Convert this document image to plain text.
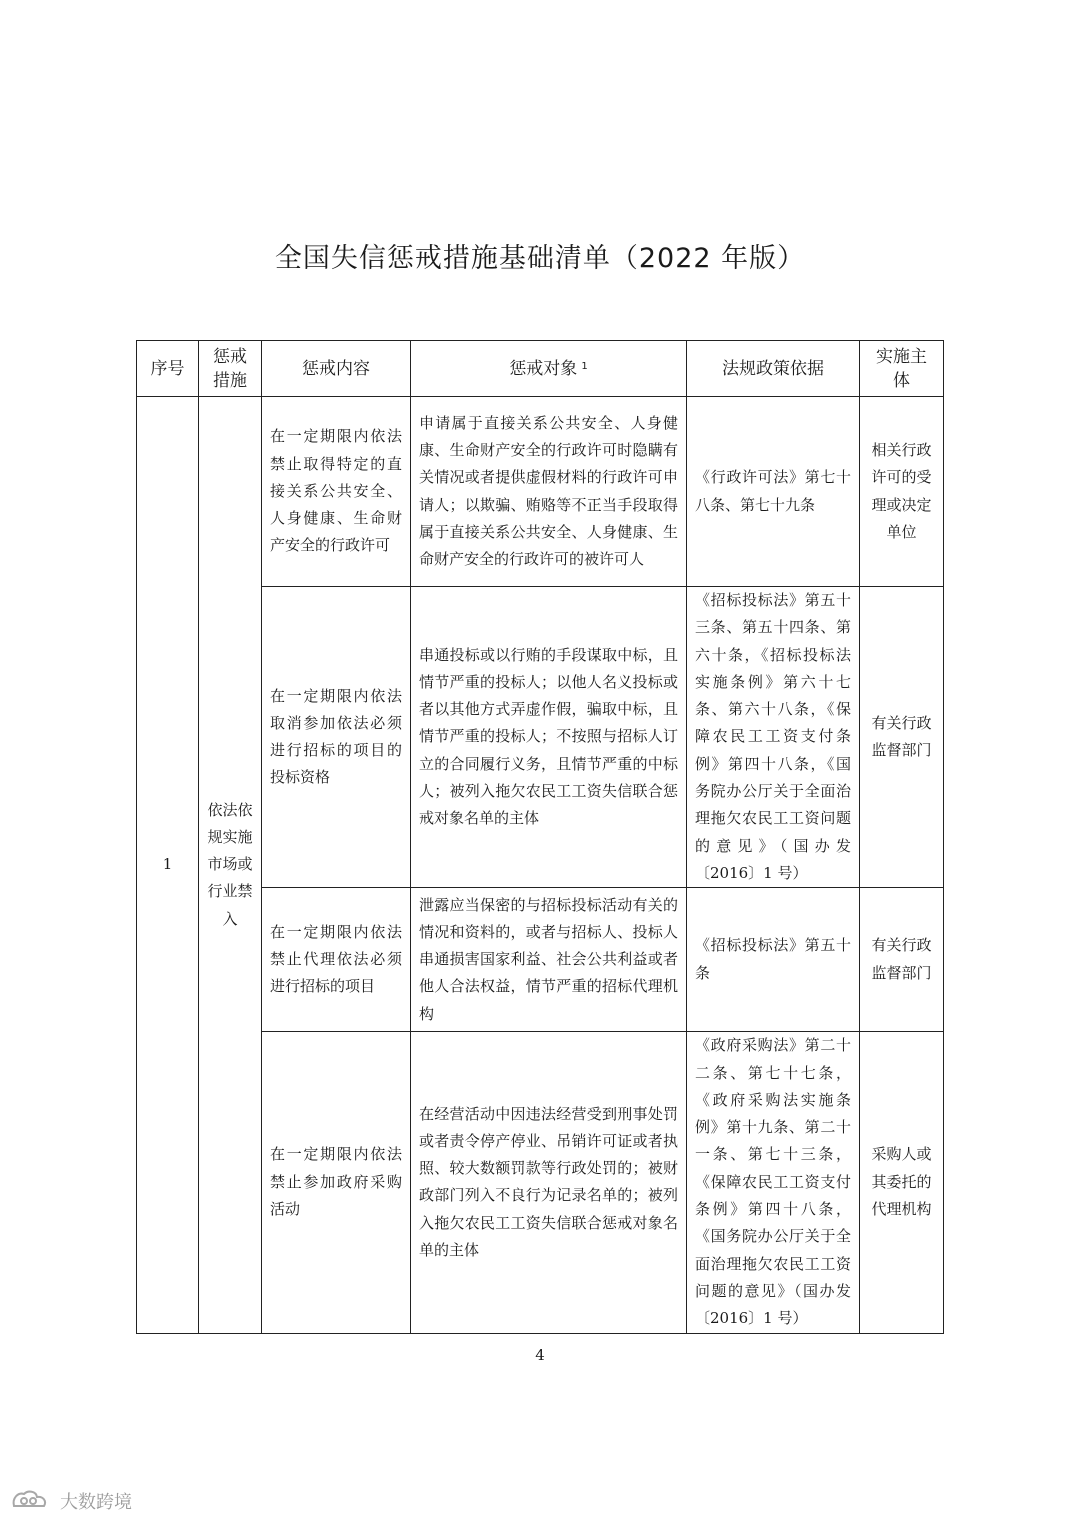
全国失信惩戒措施基础清单（2022 年版）
序号	惩戒措施	惩戒内容	惩戒对象 $^1$	法规政策依据	实施主体
1	依法依规实施市场或行业禁入	在一定期限内依法禁止取得特定的直接关系公共安全、人身健康、生命财产安全的行政许可	申请属于直接关系公共安全、人身健康、生命财产安全的行政许可时隐瞒有关情况或者提供虚假材料的行政许可申请人；以欺骗、贿赂等不正当手段取得属于直接关系公共安全、人身健康、生命财产安全的行政许可的被许可人	《行政许可法》第七十八条、第七十九条	相关行政许可的受理或决定单位
		在一定期限内依法取消参加依法必须进行招标的项目的投标资格	串通投标或以行贿的手段谋取中标，且情节严重的投标人；以他人名义投标或者以其他方式弄虚作假，骗取中标，且情节严重的投标人；不按照与招标人订立的合同履行义务，且情节严重的中标人；被列入拖欠农民工工资失信联合惩戒对象名单的主体	《招标投标法》第五十三条、第五十四条、第六十条，《招标投标法实施条例》第六十七条、第六十八条，《保障农民工工资支付条例》第四十八条，《国务院办公厅关于全面治理拖欠农民工工资问题的意见》（国办发〔2016〕1 号）	有关行政监督部门
		在一定期限内依法禁止代理依法必须进行招标的项目	泄露应当保密的与招标投标活动有关的情况和资料的，或者与招标人、投标人串通损害国家利益、社会公共利益或者他人合法权益，情节严重的招标代理机构	《招标投标法》第五十条	有关行政监督部门
		在一定期限内依法禁止参加政府采购活动	在经营活动中因违法经营受到刑事处罚或者责令停产停业、吊销许可证或者执照、较大数额罚款等行政处罚的；被财政部门列入不良行为记录名单的；被列入拖欠农民工工资失信联合惩戒对象名单的主体	《政府采购法》第二十二条、第七十七条，《政府采购法实施条例》第十九条、第二十一条、第七十三条，《保障农民工工资支付条例》第四十八条，《国务院办公厅关于全面治理拖欠农民工工资问题的意见》（国办发〔2016〕1 号）	采购人或其委托的代理机构
4
大数跨境
